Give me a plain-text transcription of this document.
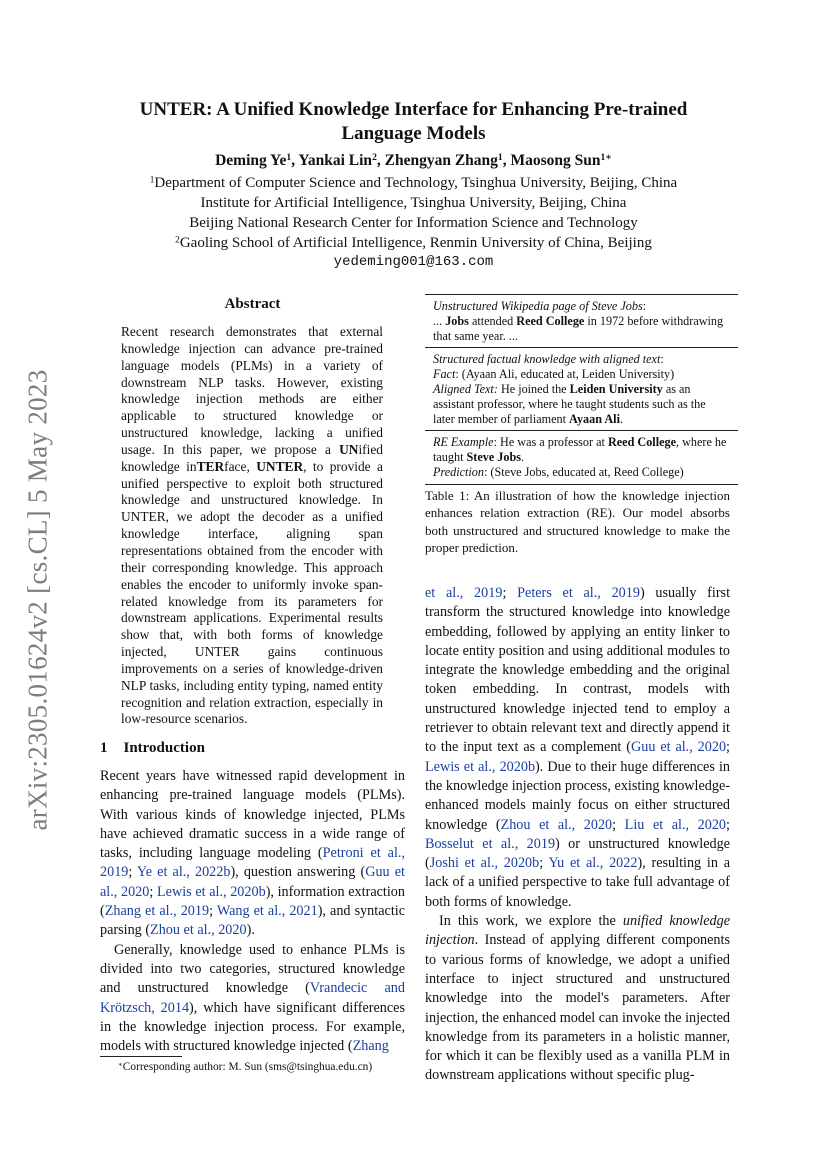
UNTER: A Unified Knowledge Interface for Enhancing Pre-trained
Language Models
Deming Ye$^1$, Yankai Lin$^2$, Zhengyan Zhang$^1$, Maosong Sun$^{1∗}$
$^1$Department of Computer Science and Technology, Tsinghua University, Beijing, China
Institute for Artificial Intelligence, Tsinghua University, Beijing, China
Beijing National Research Center for Information Science and Technology
$^2$Gaoling School of Artificial Intelligence, Renmin University of China, Beijing
yedeming001@163.com
arXiv:2305.01624v2 [cs.CL] 5 May 2023
Abstract
Recent research demonstrates that external knowledge injection can advance pre-trained language models (PLMs) in a variety of downstream NLP tasks. However, existing knowledge injection methods are either applicable to structured knowledge or unstructured knowledge, lacking a unified usage. In this paper, we propose a UNified knowledge inTERface, UNTER, to provide a unified perspective to exploit both structured knowledge and unstructured knowledge. In UNTER, we adopt the decoder as a unified knowledge interface, aligning span representations obtained from the encoder with their corresponding knowledge. This approach enables the encoder to uniformly invoke span-related knowledge from its parameters for downstream applications. Experimental results show that, with both forms of knowledge injected, UNTER gains continuous improvements on a series of knowledge-driven NLP tasks, including entity typing, named entity recognition and relation extraction, especially in low-resource scenarios.
1 Introduction

Recent years have witnessed rapid development in enhancing pre-trained language models (PLMs). With various kinds of knowledge injected, PLMs have achieved dramatic success in a wide range of tasks, including language modeling (Petroni et al., 2019; Ye et al., 2022b), question answering (Guu et al., 2020; Lewis et al., 2020b), information extraction (Zhang et al., 2019; Wang et al., 2021), and syntactic parsing (Zhou et al., 2020).

Generally, knowledge used to enhance PLMs is divided into two categories, structured knowledge and unstructured knowledge (Vrandecic and Krötzsch, 2014), which have significant differences in the knowledge injection process. For example, models with structured knowledge injected (Zhang

Unstructured Wikipedia page of Steve Jobs:
... Jobs attended Reed College in 1972 before withdrawing that same year. ...
Structured factual knowledge with aligned text:
Fact: (Ayaan Ali, educated at, Leiden University)
Aligned Text: He joined the Leiden University as an assistant professor, where he taught students such as the later member of parliament Ayaan Ali.
RE Example: He was a professor at Reed College, where he taught Steve Jobs.
Prediction: (Steve Jobs, educated at, Reed College)
Table 1: An illustration of how the knowledge injection enhances relation extraction (RE). Our model absorbs both unstructured and structured knowledge to make the proper prediction.

et al., 2019; Peters et al., 2019) usually first transform the structured knowledge into knowledge embedding, followed by applying an entity linker to locate entity position and using additional modules to integrate the knowledge embedding and the original token embedding. In contrast, models with unstructured knowledge injected tend to employ a retriever to obtain relevant text and directly append it to the input text as a complement (Guu et al., 2020; Lewis et al., 2020b). Due to their huge differences in the knowledge injection process, existing knowledge-enhanced models mainly focus on either structured knowledge (Zhou et al., 2020; Liu et al., 2020; Bosselut et al., 2019) or unstructured knowledge (Joshi et al., 2020b; Yu et al., 2022), resulting in a lack of a unified perspective to take full advantage of both forms of knowledge.

In this work, we explore the unified knowledge injection. Instead of applying different components to various forms of knowledge, we adopt a unified interface to inject structured and unstructured knowledge into the model's parameters. After injection, the enhanced model can invoke the injected knowledge from its parameters in a holistic manner, for which it can be flexibly used as a vanilla PLM in downstream applications without specific plug-

∗Corresponding author: M. Sun (sms@tsinghua.edu.cn)
